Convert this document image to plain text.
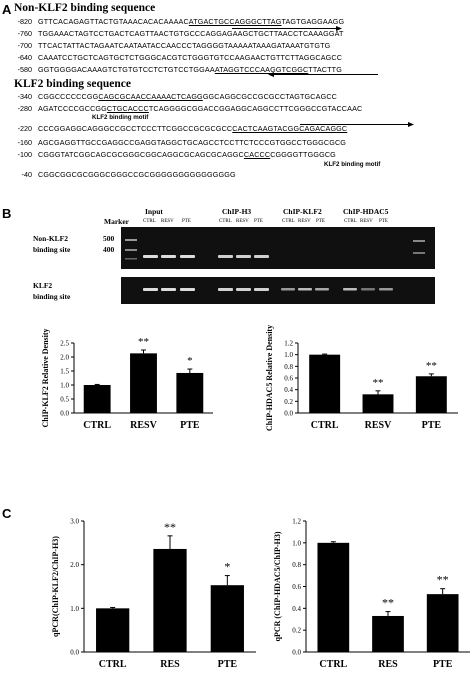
A Non-KLF2 binding sequence
-820 GTTCACAGAGTTACTGTAAACACACAAAACATGACTGCCAGGGCTTAGTAGTGAGGAAGG
-760 TGGAAACTAGTCCTGACTCAGTTAACTGTGCCCAGGAGAAGCTGCTTAACCTCAAAGGAT
-700 TTCACTATTACTAGAATCAATAATACCAACCCTAGGGGTAAAAATAAAGATAAATGTGTG
-640 CAAATCCTGCTCAGTGCTCTGGGCACGTCTGGGTGTCCAAGAACTGTTCTTAGGCAGCC
-580 GGTGGGGACAAAGTCTGTGTCCTCTGTCCTGGAAATAGGTCCCAAGGTCGGCTTACTTG
KLF2 binding sequence
-340 CGGCCCCCCGGCAGCGCAACCAAAACTCAGGGGCAGGCGCCGCGCCTAGTGCAGCC
-280 AGATCCCCGCCGGCTGCACCCTCAGGGGCGGACCGGAGGCAGGCCTTCGGGCCGTACCAAC
-220 CCCGGAGGCAGGGCCGCCTCCCTTCGGCCGCGCGCCCACTCAAGTACGGCAGACAGGC
-160 AGCGAGGTTGCCGAGGCCGAGGTAGGCTGCAGCCTCCTTCTCCCGTGGCCTGGGCGCG
-100 CGGGTATCGGCAGCGCGGGCGGCAGGCGCAGCGCAGGCCACCCCGGGGTTGGGCG
-40 CGGCGGCGCGGGCGGGCCGCGGGGGGGGGGGGGGG
KLF2 binding motif
KLF2 binding motif
B	Input	ChIP-H3	ChIP-KLF2	ChIP-HDAC5
Marker	CTRL RESV PTE	CTRL RESV PTE	CTRL RESV PTE	CTRL RESV PTE
Non-KLF2
binding site
500
400
KLF2
binding site
C
0.0
0.5
1.0
1.5
2.0
2.5
ChIP-KLF2 Relative Density	CTRL RESV
**
PTE
*
0.0
0.2
0.4
0.6
0.8
1.0
1.2
ChIP-HDAC5 Relative Density	CTRL	RESV
**
PTE
**
0.0
1.0
2.0
3.0
qPCR(ChIP-KLF2/ChIP-H3)
CTRL	RES
**
PTE
*
0.0
0.2
0.4
0.6
0.8
1.0
1.2
qPCR (ChIP-HDAC5/ChIP-H3)
CTRL	RES
**
PTE
**
